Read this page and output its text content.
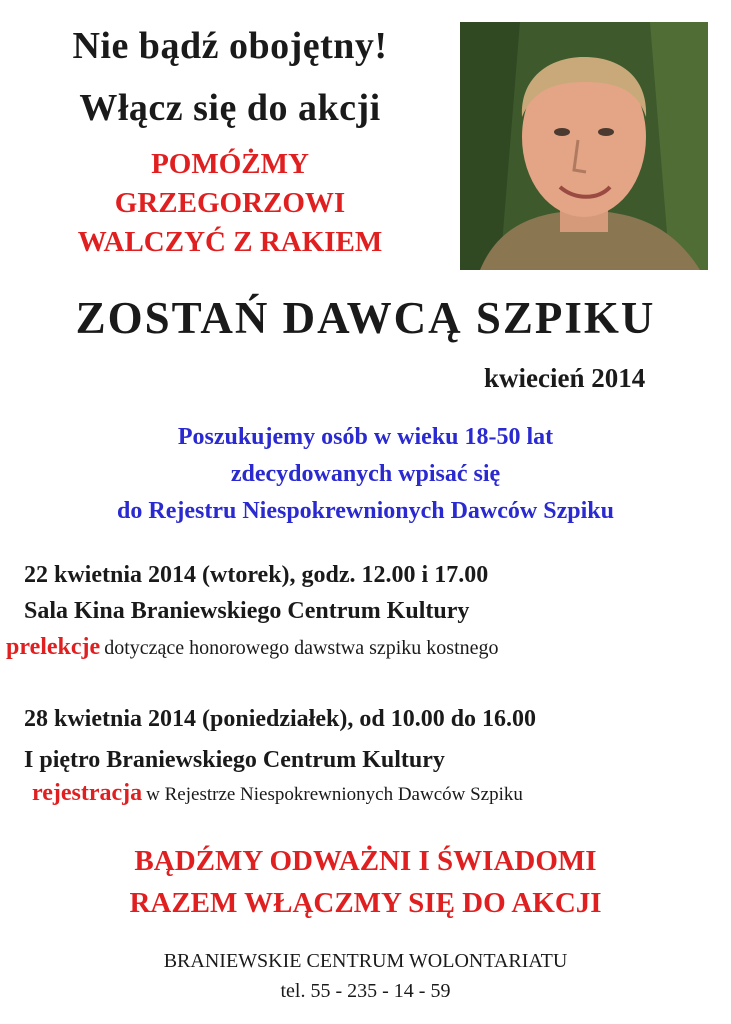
Nie bądź obojętny!
Włącz się do akcji
POMÓŻMY
GRZEGORZOWI
WALCZYĆ Z RAKIEM
ZOSTAŃ DAWCĄ SZPIKU
kwiecień 2014
Poszukujemy osób w wieku 18-50 lat
zdecydowanych wpisać się
do Rejestru Niespokrewnionych Dawców Szpiku
22 kwietnia 2014 (wtorek), godz. 12.00 i 17.00
Sala Kina Braniewskiego Centrum Kultury
prelekcje dotyczące honorowego dawstwa szpiku kostnego
28 kwietnia 2014 (poniedziałek), od 10.00 do 16.00
I piętro Braniewskiego Centrum Kultury
rejestracja w Rejestrze Niespokrewnionych Dawców Szpiku
BĄDŹMY ODWAŻNI I ŚWIADOMI
RAZEM WŁĄCZMY SIĘ DO AKCJI
BRANIEWSKIE CENTRUM WOLONTARIATU
tel. 55 - 235 - 14 - 59
